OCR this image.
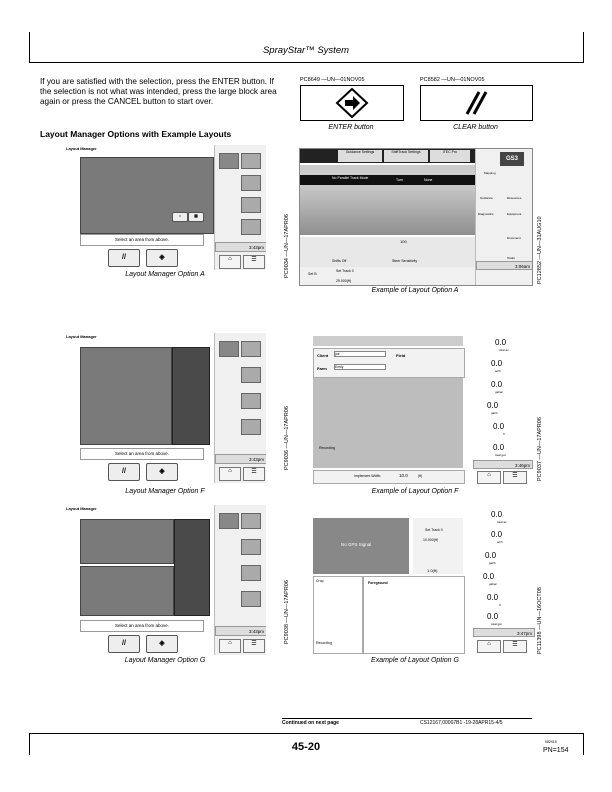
SprayStar™ System
If you are satisfied with the selection, press the ENTER button. If the selection is not what was intended, press the large block area again or press the CANCEL button to start over.
Layout Manager Options with Example Layouts
PC8649 —UN—01NOV05
ENTER button
PC8582 —UN—01NOV05
CLEAR button
Layout Manager
⌂	▦
Select an area from above.
//	◈
3:43pm
⌂	☰	PC9034 —UN—17APR06
Layout Manager Option A
Guidance Settings	ShiftTrack Settings	iTEC Pro
No Parallel Track Mode	Turn	None
Shifts Off
100
Steer Sensitivity
Set B
Set Track 0
25.000(ft)
GS3
Mapping
Guidance	Resources
Diagnostics	Equipment
Document
Totals
3:06am	PC12852 —UN—31AUG10
Example of Layout Option A
Layout Manager
Select an area from above.
//	◈
3:43pm
⌂	☰
PC9036 —UN—17APR06
Layout Manager Option F
Client joe	Field
Farm Emily
Recording
Implement Width:	10.0	(ft)
0.0
total ac
0.0
ac/h
0.0
gal/ac
0.0
gal/h
0.0
ft
0.0
total gal
3:46pm
⌂	☰	PC9037 —UN—17APR06
Example of Layout Option F
Layout Manager
Select an area from above.
//	◈
3:43pm
⌂	☰	PC9038 —UN—17APR06
Layout Manager Option G
No GPS Signal
Set Track 0
10.000(ft)
1.0(ft)
Crop
Recording
Foreground
0.0
total ac
0.0
ac/h
0.0
gal/h
0.0
gal/ac
0.0
ft
0.0
total gal
3:47pm
⌂	☰	PC11398 —UN—16OCT08
Example of Layout Option G
Continued on next page	CS12167,00007B1 -19-28APR15-4/5
45-20	082915
PN=154
